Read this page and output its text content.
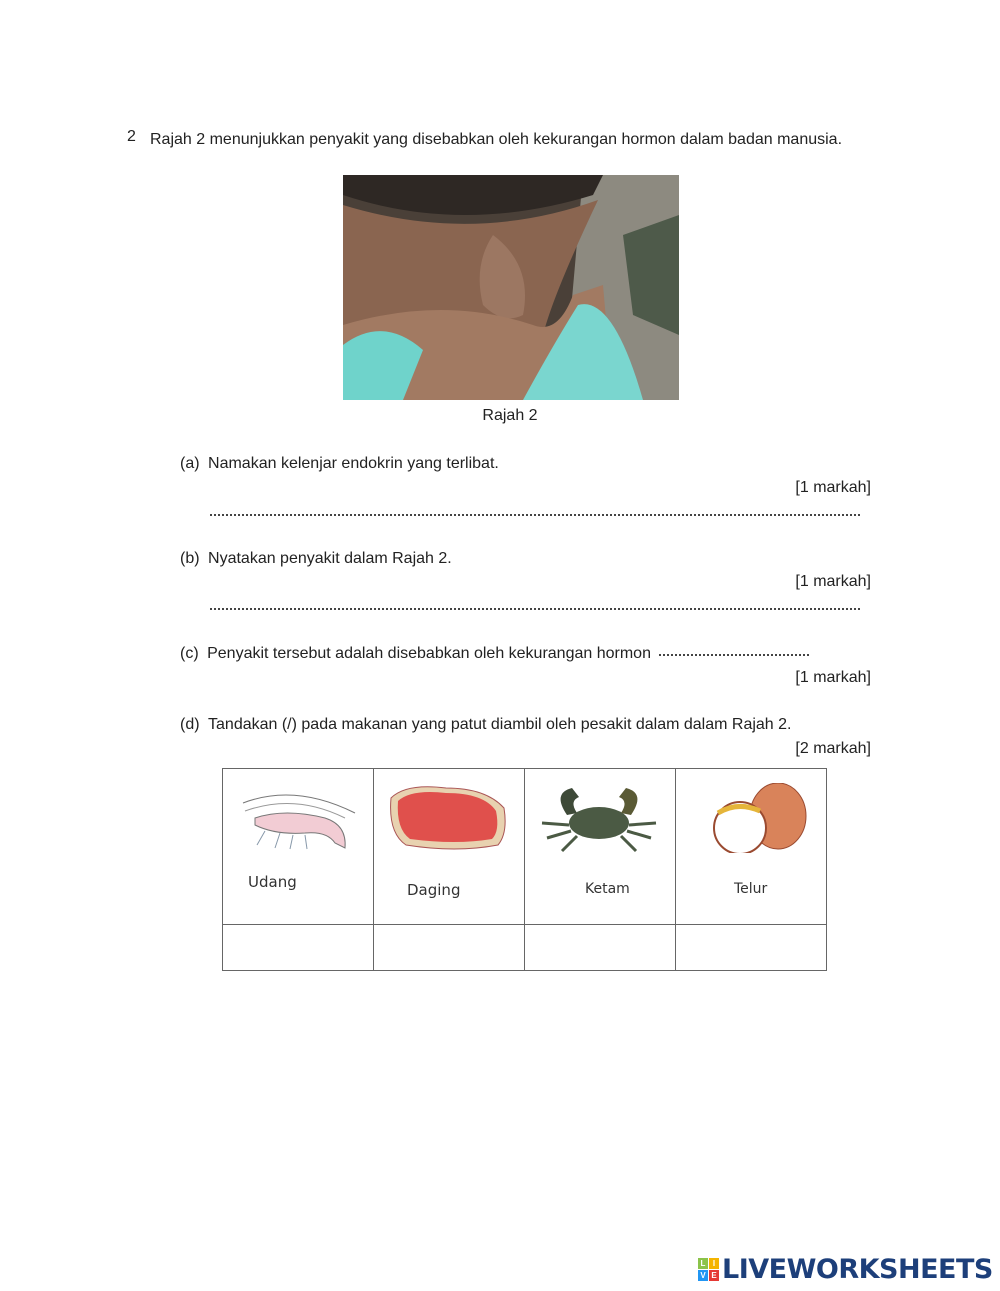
2 Rajah 2 menunjukkan penyakit yang disebabkan oleh kekurangan hormon dalam badan manusia.
Rajah 2
(a) Namakan kelenjar endokrin yang terlibat.
[1 markah]
(b) Nyatakan penyakit dalam Rajah 2.
[1 markah]
(c) Penyakit tersebut adalah disebabkan oleh kekurangan hormon
[1 markah]
(d) Tandakan (/) pada makanan yang patut diambil oleh pesakit dalam dalam Rajah 2.
[2 markah]
Udang	Daging	Ketam	Telur

L I
V E LIVEWORKSHEETS
